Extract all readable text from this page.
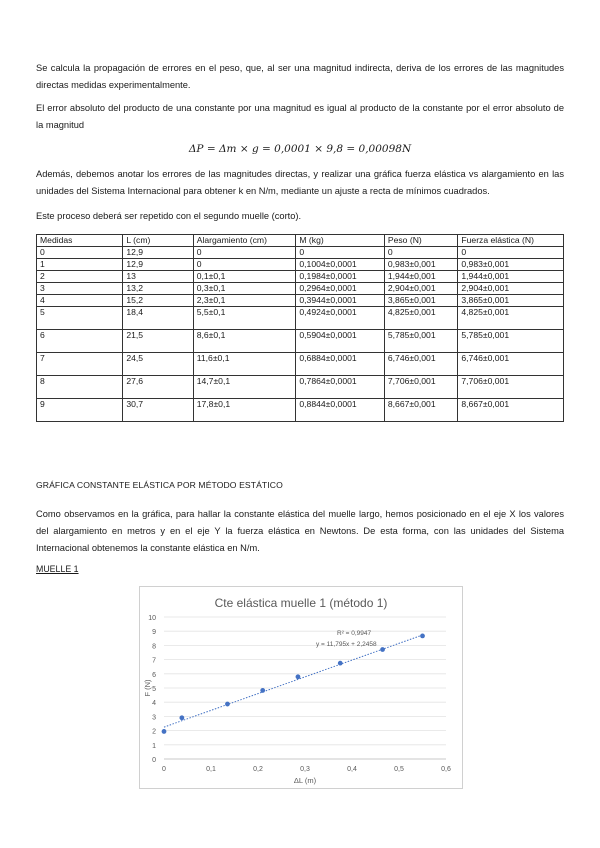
Se calcula la propagación de errores en el peso, que, al ser una magnitud indirecta, deriva de los errores de las magnitudes directas medidas experimentalmente.
El error absoluto del producto de una constante por una magnitud es igual al producto de la constante por el error absoluto de la magnitud
ΔP = Δm × g = 0,0001 × 9,8 = 0,00098N
Además, debemos anotar los errores de las magnitudes directas, y realizar una gráfica fuerza elástica vs alargamiento en las unidades del Sistema Internacional para obtener k en N/m, mediante un ajuste a recta de mínimos cuadrados.
Este proceso deberá ser repetido con el segundo muelle (corto).
Medidas	L (cm)	Alargamiento (cm)	M (kg)	Peso (N)	Fuerza elástica (N)
0	12,9	0	0	0	0
1	12,9	0	0,1004±0,0001	0,983±0,001	0,983±0,001
2	13	0,1±0,1	0,1984±0,0001	1,944±0,001	1,944±0,001
3	13,2	0,3±0,1	0,2964±0,0001	2,904±0,001	2,904±0,001
4	15,2	2,3±0,1	0,3944±0,0001	3,865±0,001	3,865±0,001
5	18,4	5,5±0,1	0,4924±0,0001	4,825±0,001	4,825±0,001
6	21,5	8,6±0,1	0,5904±0,0001	5,785±0,001	5,785±0,001
7	24,5	11,6±0,1	0,6884±0,0001	6,746±0,001	6,746±0,001
8	27,6	14,7±0,1	0,7864±0,0001	7,706±0,001	7,706±0,001
9	30,7	17,8±0,1	0,8844±0,0001	8,667±0,001	8,667±0,001
GRÁFICA CONSTANTE ELÁSTICA POR MÉTODO ESTÁTICO
Como observamos en la gráfica, para hallar la constante elástica del muelle largo, hemos posicionado en el eje X los valores del alargamiento en metros y en el eje Y la fuerza elástica en Newtons. De esta forma, con las unidades del Sistema Internacional obtenemos la constante elástica en N/m.
MUELLE 1
Cte elástica muelle 1 (método 1)
0
1
2
3
4
5
6
7
8
9
10
0	0,1	0,2	0,3	0,4	0,5	0,6
ΔL (m)
F (N)
R² = 0,9947
y = 11,795x + 2,2458
